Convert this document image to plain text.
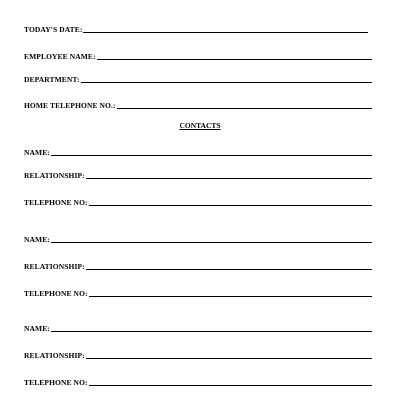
TODAY'S DATE:
EMPLOYEE NAME:
DEPARTMENT:
HOME TELEPHONE NO.:
CONTACTS
NAME:
RELATIONSHIP:
TELEPHONE NO:
NAME:
RELATIONSHIP:
TELEPHONE NO:
NAME:
RELATIONSHIP:
TELEPHONE NO:
